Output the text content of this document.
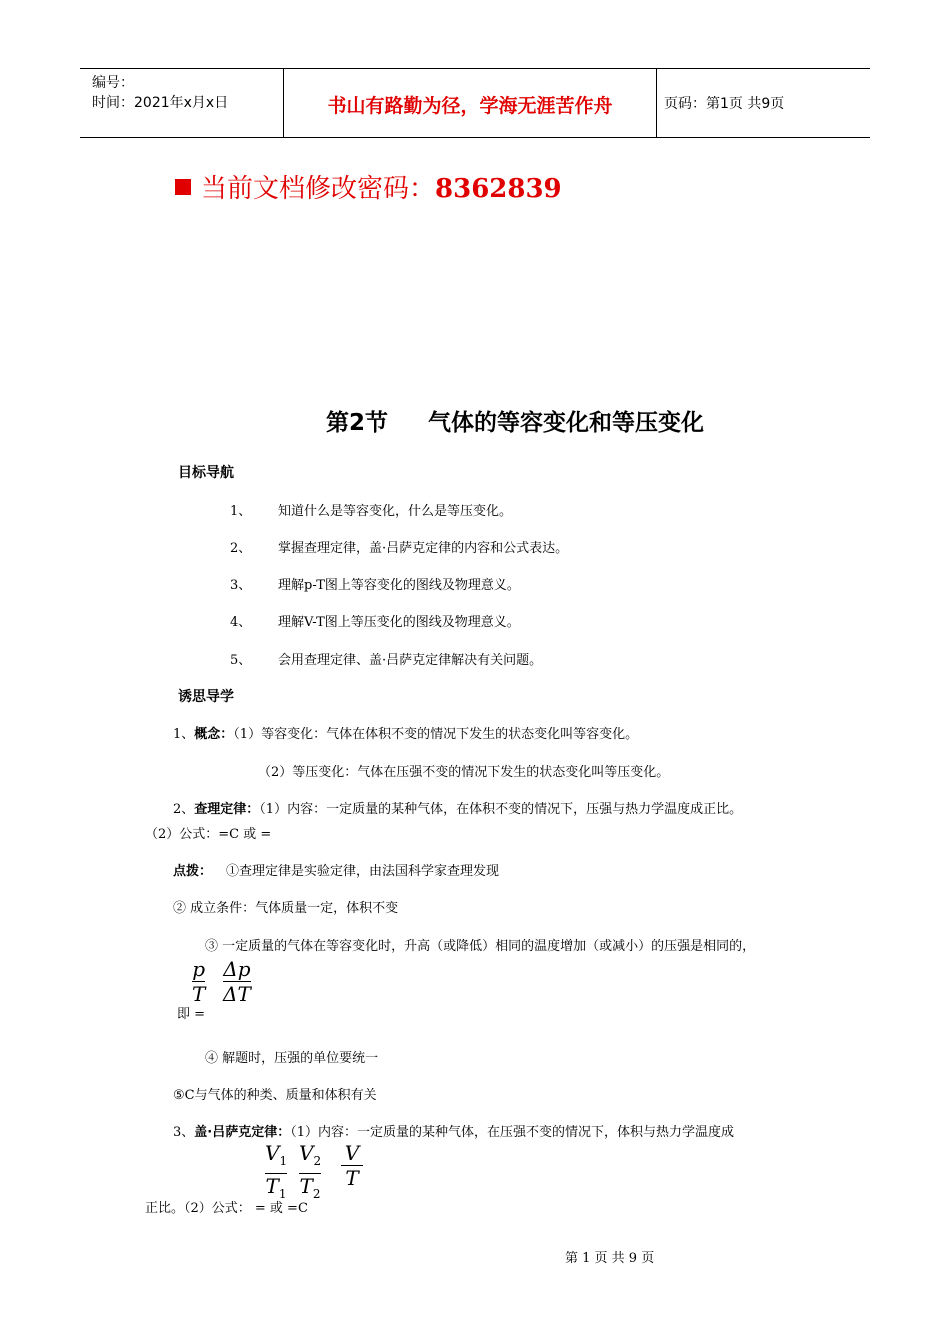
编号：
时间：2021年x月x日	书山有路勤为径，学海无涯苦作舟	页码：第1页 共9页
当前文档修改密码：8362839
第2节 气体的等容变化和等压变化
目标导航
1、 知道什么是等容变化，什么是等压变化。
2、 掌握查理定律，盖·吕萨克定律的内容和公式表达。
3、 理解p-T图上等容变化的图线及物理意义。
4、 理解V-T图上等压变化的图线及物理意义。
5、 会用查理定律、盖·吕萨克定律解决有关问题。
诱思导学
1、概念：（1）等容变化：气体在体积不变的情况下发生的状态变化叫等容变化。
（2）等压变化：气体在压强不变的情况下发生的状态变化叫等压变化。
2、查理定律：（1）内容：一定质量的某种气体，在体积不变的情况下，压强与热力学温度成正比。
（2）公式：=C 或 =
点拨： ①查理定律是实验定律，由法国科学家查理发现
② 成立条件：气体质量一定，体积不变
③ 一定质量的气体在等容变化时，升高（或降低）相同的温度增加（或减小）的压强是相同的，
p
T
Δp
ΔT
即 =
④ 解题时，压强的单位要统一
⑤C与气体的种类、质量和体积有关
3、盖·吕萨克定律：（1）内容：一定质量的某种气体，在压强不变的情况下，体积与热力学温度成
$V_1$
$T_1$
$V_2$
$T_2$
V
T
正比。（2）公式： = 或 =C
第 1 页 共 9 页
